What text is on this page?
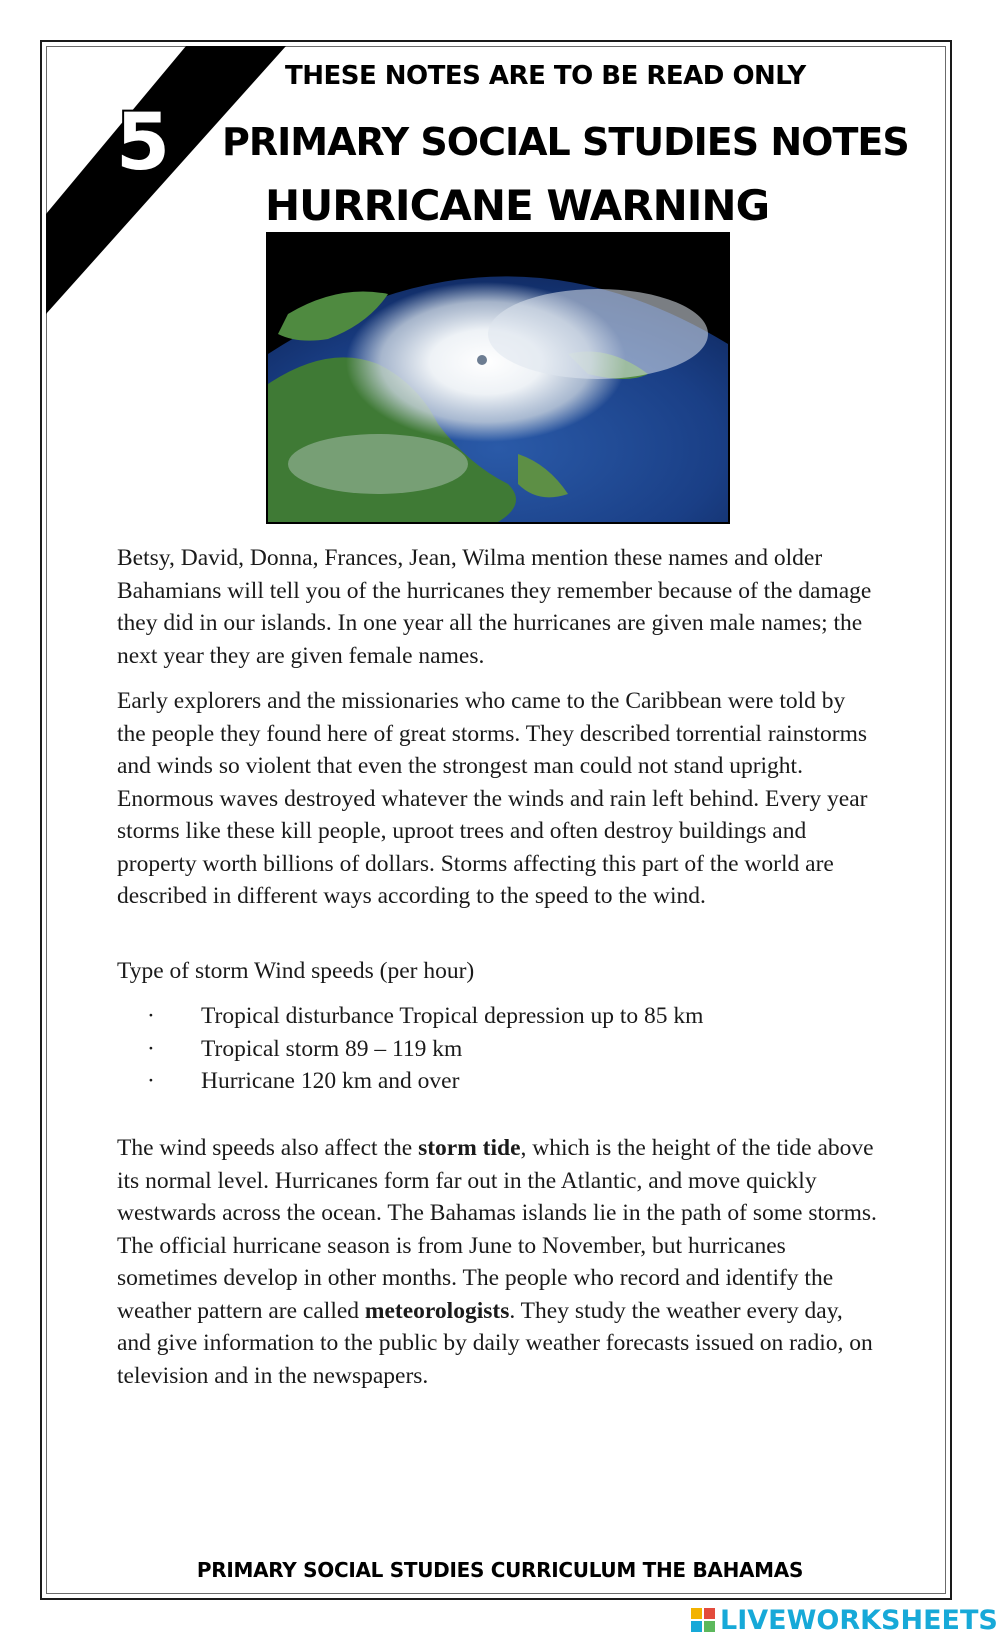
5
THESE NOTES ARE TO BE READ ONLY
PRIMARY SOCIAL STUDIES NOTES
HURRICANE WARNING

Betsy, David, Donna, Frances, Jean, Wilma mention these names and older Bahamians will tell you of the hurricanes they remember because of the damage they did in our islands. In one year all the hurricanes are given male names; the next year they are given female names.

Early explorers and the missionaries who came to the Caribbean were told by the people they found here of great storms. They described torrential rainstorms and winds so violent that even the strongest man could not stand upright. Enormous waves destroyed whatever the winds and rain left behind. Every year storms like these kill people, uproot trees and often destroy buildings and property worth billions of dollars. Storms affecting this part of the world are described in different ways according to the speed to the wind.

Type of storm Wind speeds (per hour)

· Tropical disturbance Tropical depression up to 85 km
· Tropical storm 89 – 119 km
· Hurricane 120 km and over

The wind speeds also affect the storm tide, which is the height of the tide above its normal level. Hurricanes form far out in the Atlantic, and move quickly westwards across the ocean. The Bahamas islands lie in the path of some storms. The official hurricane season is from June to November, but hurricanes sometimes develop in other months. The people who record and identify the weather pattern are called meteorologists. They study the weather every day, and give information to the public by daily weather forecasts issued on radio, on television and in the newspapers.

PRIMARY SOCIAL STUDIES CURRICULUM THE BAHAMAS
LIVEWORKSHEETS
